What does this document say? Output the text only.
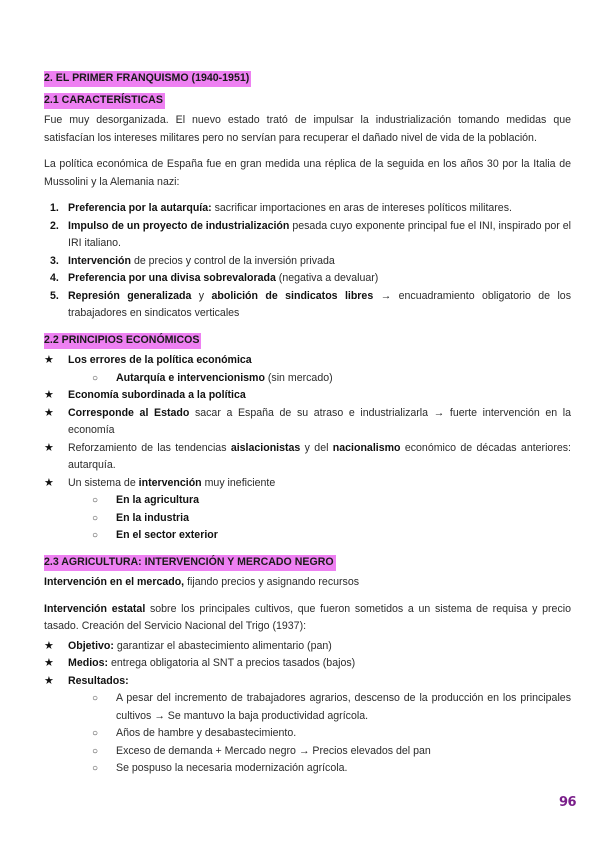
2. EL PRIMER FRANQUISMO (1940-1951)
2.1 CARACTERÍSTICAS

Fue muy desorganizada. El nuevo estado trató de impulsar la industrialización tomando medidas que satisfacían los intereses militares pero no servían para recuperar el dañado nivel de vida de la población.

La política económica de España fue en gran medida una réplica de la seguida en los años 30 por la Italia de Mussolini y la Alemania nazi:

1. Preferencia por la autarquía: sacrificar importaciones en aras de intereses políticos militares.
2. Impulso de un proyecto de industrialización pesada cuyo exponente principal fue el INI, inspirado por el IRI italiano.
3. Intervención de precios y control de la inversión privada
4. Preferencia por una divisa sobrevalorada (negativa a devaluar)
5. Represión generalizada y abolición de sindicatos libres → encuadramiento obligatorio de los trabajadores en sindicatos verticales
2.2 PRINCIPIOS ECONÓMICOS
★ Los errores de la política económica
○ Autarquía e intervencionismo (sin mercado)
★ Economía subordinada a la política
★ Corresponde al Estado sacar a España de su atraso e industrializarla → fuerte intervención en la economía
★ Reforzamiento de las tendencias aislacionistas y del nacionalismo económico de décadas anteriores: autarquía.
★ Un sistema de intervención muy ineficiente
○ En la agricultura
○ En la industria
○ En el sector exterior
2.3 AGRICULTURA: INTERVENCIÓN Y MERCADO NEGRO

Intervención en el mercado, fijando precios y asignando recursos

Intervención estatal sobre los principales cultivos, que fueron sometidos a un sistema de requisa y precio tasado. Creación del Servicio Nacional del Trigo (1937):

★ Objetivo: garantizar el abastecimiento alimentario (pan)
★ Medios: entrega obligatoria al SNT a precios tasados (bajos)
★ Resultados:
○ A pesar del incremento de trabajadores agrarios, descenso de la producción en los principales cultivos → Se mantuvo la baja productividad agrícola.
○ Años de hambre y desabastecimiento.
○ Exceso de demanda + Mercado negro → Precios elevados del pan
○ Se pospuso la necesaria modernización agrícola.
96
